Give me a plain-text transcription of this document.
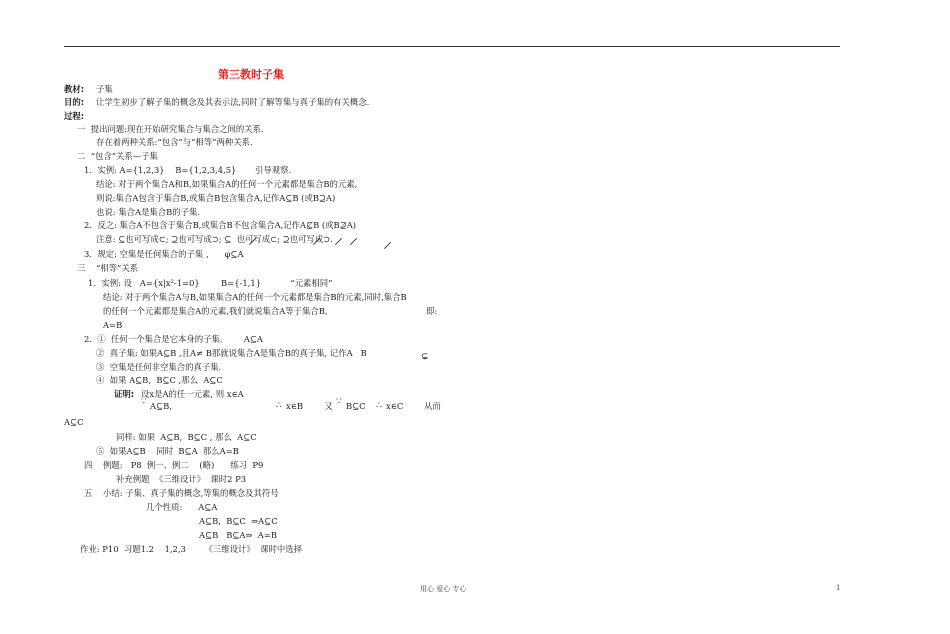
第三教时子集
教材: 子集
目的: 让学生初步了解子集的概念及其表示法,同时了解等集与真子集的有关概念.
过程:
一  提出问题:现在开始研究集合与集合之间的关系.
存在着两种关系:“包含”与“相等”两种关系.
二  “包含”关系—子集
1.  实例: A={1,2,3}    B={1,2,3,4,5}       引导观察.
结论: 对于两个集合A和B,如果集合A的任何一个元素都是集合B的元素,
则说:集合A包含于集合B,或集合B包含集合A,记作A⊆B (或B⊇A)
也说: 集合A是集合B的子集.
2.  反之: 集合A不包含于集合B,或集合B不包含集合A,记作A⊈B (或B⊉A)
注意: ⊆也可写成⊂; ⊇也可写成⊃; ⊆  也可写成⊂; ⊇也可写成⊃.
3.  规定: 空集是任何集合的子集 ,      φ⊆A
三    “相等”关系
1.  实例: 设   A={x|x²-1=0}        B={-1,1}           “元素相同”
结论: 对于两个集合A与B,如果集合A的任何一个元素都是集合B的元素,同时,集合B
即:
的任何一个元素都是集合A的元素,我们就说集合A等于集合B,
A=B
2.  ①  任何一个集合是它本身的子集.        A⊆A
②  真子集: 如果A⊆B ,且A≠ B那就说集合A是集合B的真子集, 记作A   B	⊊
③  空集是任何非空集合的真子集.
④  如果 A⊆B,  B⊆C ,那么  A⊆C
证明: 设x是A的任一元素, 则 x∈A
∵ A⊆B,	∴ x∈B        又 ∵ B⊆C ∴ x∈C 从而
A⊆C
同样: 如果  A⊆B,  B⊆C , 那么  A⊆C
⑤  如果A⊆B    同时  B⊆A  那么A=B
四    例题:   P8  例一、例二    (略)      练习  P9
补充例题  《三维设计》  课时2 P3
五    小结: 子集、真子集的概念,等集的概念及其符号
几个性质:      A⊆A
A⊆B,  B⊆C  ⇒A⊆C
A⊆B   B⊆A⇒  A=B
作业: P10  习题1.2    1,2,3       《三维设计》  课时中选择
用心 爱心 专心	1
